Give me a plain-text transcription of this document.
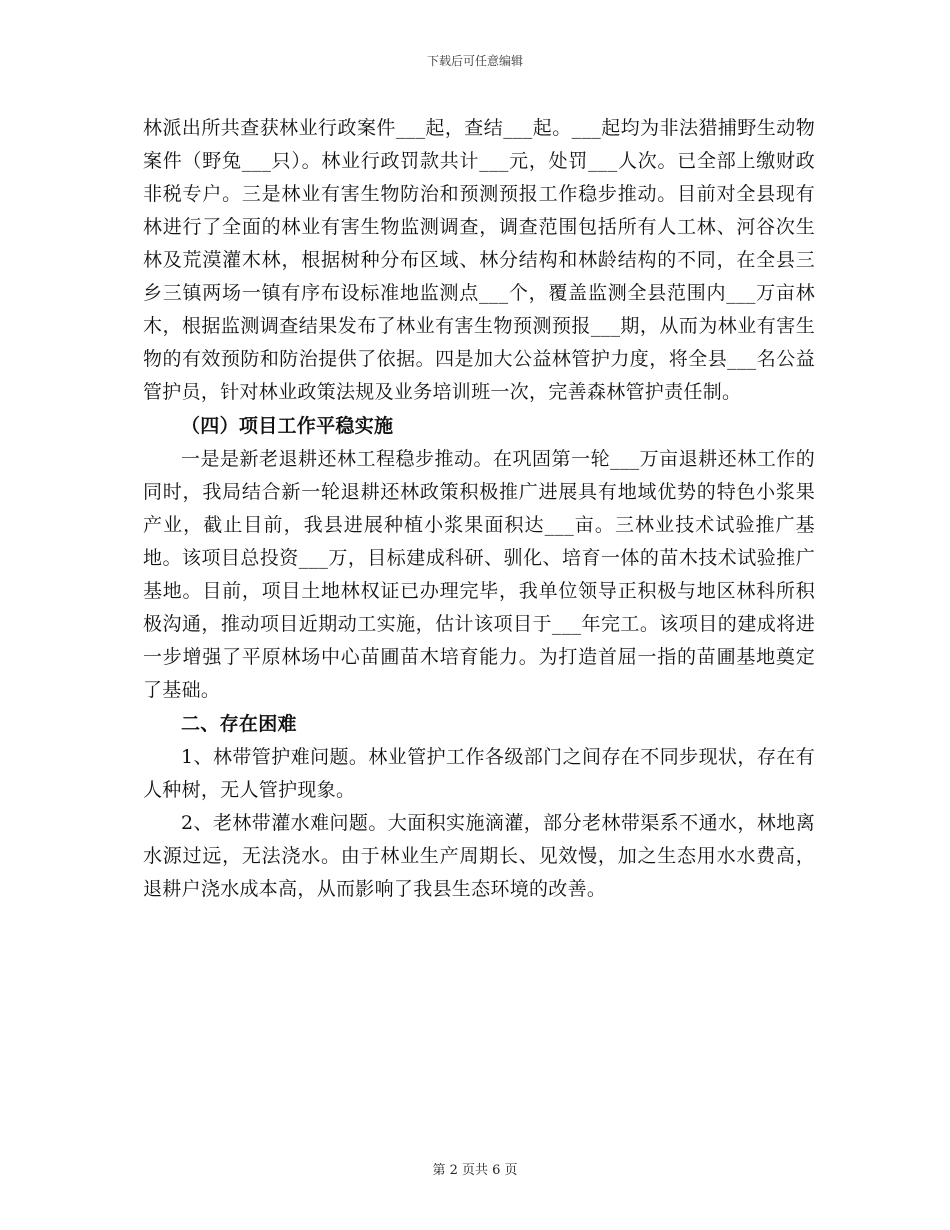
下载后可任意编辑

林派出所共查获林业行政案件___起，查结___起。___起均为非法猎捕野生动物案件（野兔___只）。林业行政罚款共计___元，处罚___人次。已全部上缴财政非税专户。三是林业有害生物防治和预测预报工作稳步推动。目前对全县现有林进行了全面的林业有害生物监测调查，调查范围包括所有人工林、河谷次生林及荒漠灌木林，根据树种分布区域、林分结构和林龄结构的不同，在全县三乡三镇两场一镇有序布设标准地监测点___个，覆盖监测全县范围内___万亩林木，根据监测调查结果发布了林业有害生物预测预报___期，从而为林业有害生物的有效预防和防治提供了依据。四是加大公益林管护力度，将全县___名公益管护员，针对林业政策法规及业务培训班一次，完善森林管护责任制。

（四）项目工作平稳实施

一是是新老退耕还林工程稳步推动。在巩固第一轮___万亩退耕还林工作的同时，我局结合新一轮退耕还林政策积极推广进展具有地域优势的特色小浆果产业，截止目前，我县进展种植小浆果面积达___亩。三林业技术试验推广基地。该项目总投资___万，目标建成科研、驯化、培育一体的苗木技术试验推广基地。目前，项目土地林权证已办理完毕，我单位领导正积极与地区林科所积极沟通，推动项目近期动工实施，估计该项目于___年完工。该项目的建成将进一步增强了平原林场中心苗圃苗木培育能力。为打造首屈一指的苗圃基地奠定了基础。

二、存在困难

1、林带管护难问题。林业管护工作各级部门之间存在不同步现状，存在有人种树，无人管护现象。

2、老林带灌水难问题。大面积实施滴灌，部分老林带渠系不通水，林地离水源过远，无法浇水。由于林业生产周期长、见效慢，加之生态用水水费高，退耕户浇水成本高，从而影响了我县生态环境的改善。

第 2 页共 6 页
